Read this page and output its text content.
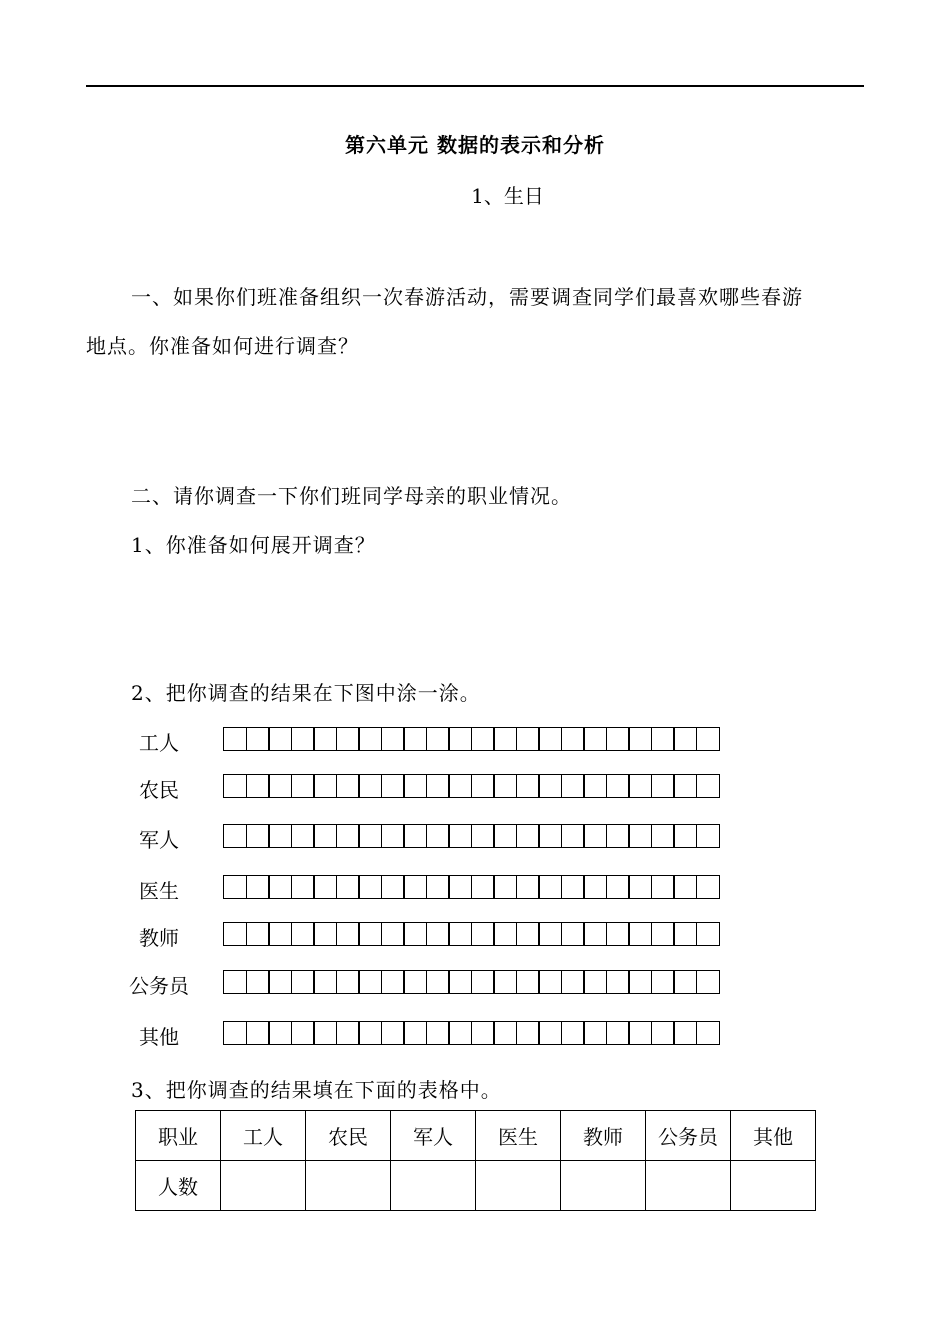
第六单元 数据的表示和分析
1、生日
一、如果你们班准备组织一次春游活动，需要调查同学们最喜欢哪些春游
地点。你准备如何进行调查？
二、请你调查一下你们班同学母亲的职业情况。
1、你准备如何展开调查？
2、把你调查的结果在下图中涂一涂。
工人
农民
军人
医生
教师
公务员
其他
3、把你调查的结果填在下面的表格中。
职业	工人	农民	军人	医生	教师	公务员	其他
人数							
